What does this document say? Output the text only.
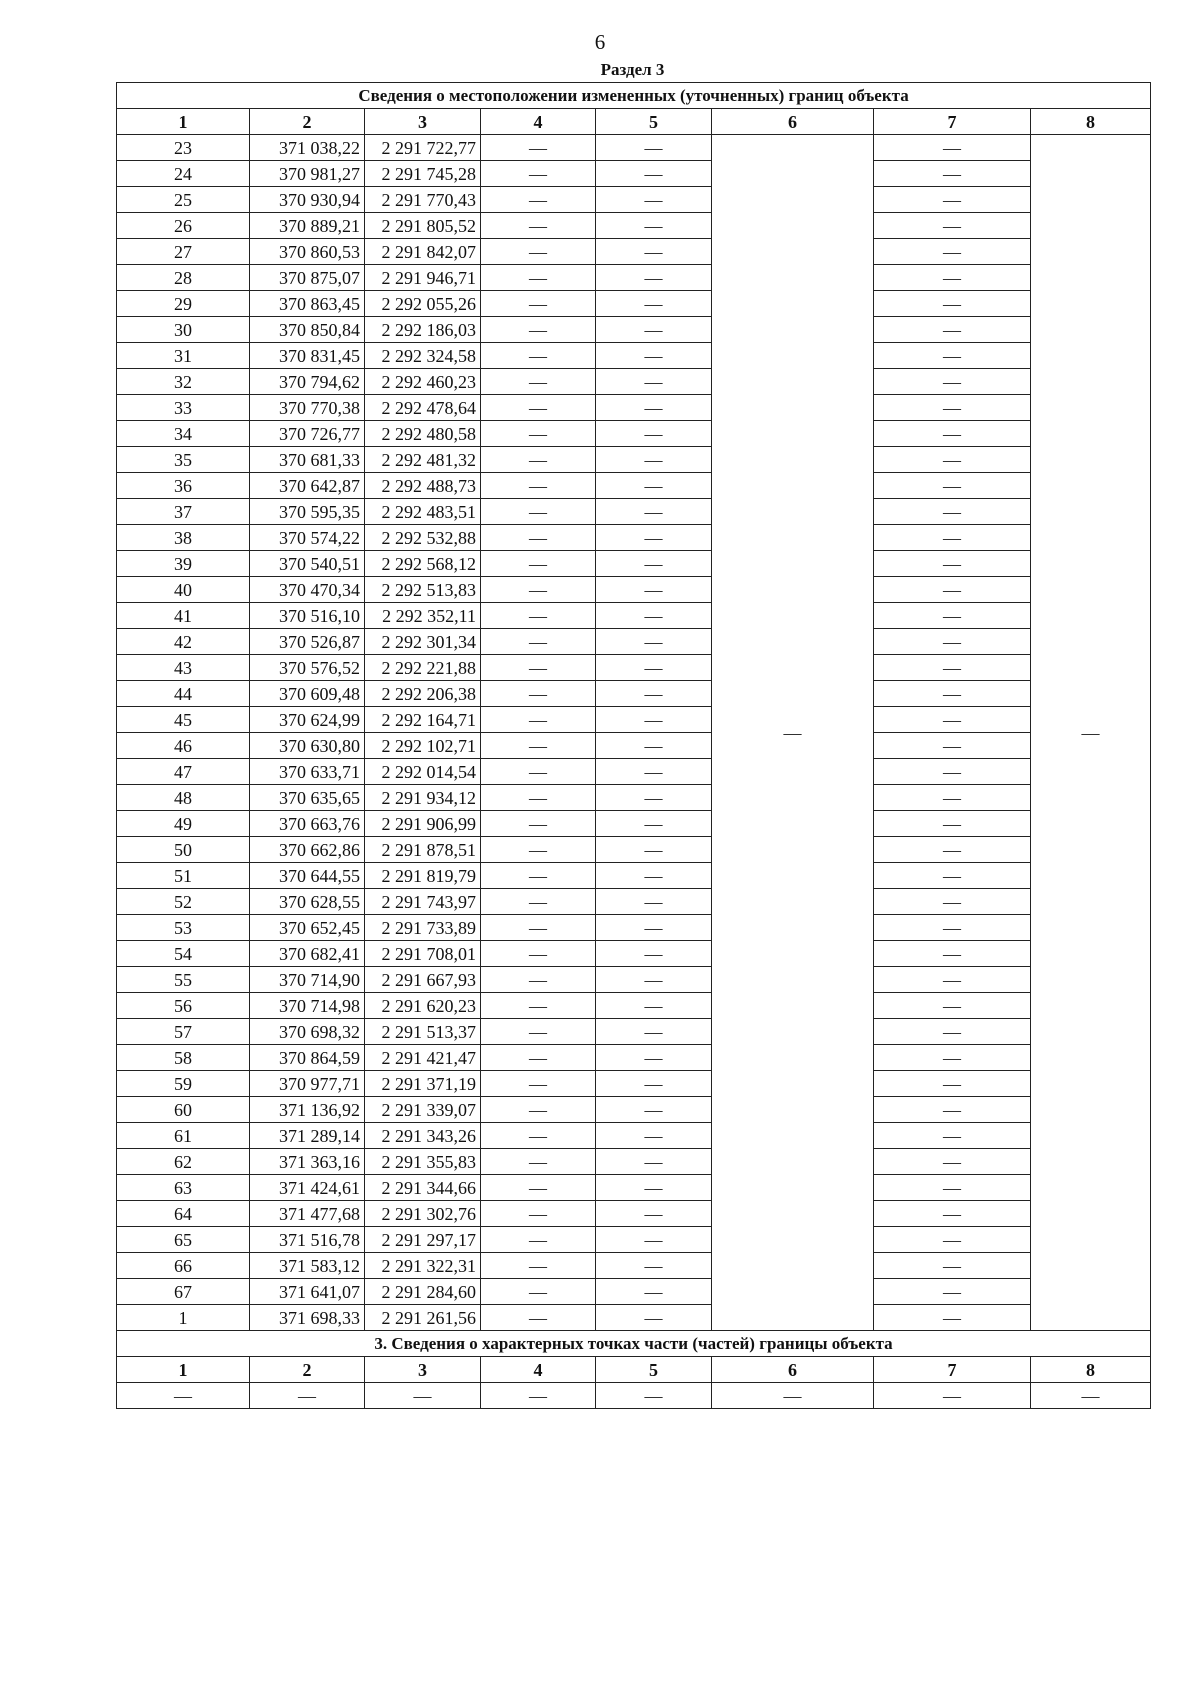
6
Раздел 3
Сведения о местоположении измененных (уточненных) границ объекта							
1	2	3	4	5	6	7	8
23	371 038,22	2 291 722,77	—	—	—	—	—
24	370 981,27	2 291 745,28	—	—		—	
25	370 930,94	2 291 770,43	—	—		—	
26	370 889,21	2 291 805,52	—	—		—	
27	370 860,53	2 291 842,07	—	—		—	
28	370 875,07	2 291 946,71	—	—		—	
29	370 863,45	2 292 055,26	—	—		—	
30	370 850,84	2 292 186,03	—	—		—	
31	370 831,45	2 292 324,58	—	—		—	
32	370 794,62	2 292 460,23	—	—		—	
33	370 770,38	2 292 478,64	—	—		—	
34	370 726,77	2 292 480,58	—	—		—	
35	370 681,33	2 292 481,32	—	—		—	
36	370 642,87	2 292 488,73	—	—		—	
37	370 595,35	2 292 483,51	—	—		—	
38	370 574,22	2 292 532,88	—	—		—	
39	370 540,51	2 292 568,12	—	—		—	
40	370 470,34	2 292 513,83	—	—		—	
41	370 516,10	2 292 352,11	—	—		—	
42	370 526,87	2 292 301,34	—	—		—	
43	370 576,52	2 292 221,88	—	—		—	
44	370 609,48	2 292 206,38	—	—		—	
45	370 624,99	2 292 164,71	—	—		—	
46	370 630,80	2 292 102,71	—	—		—	
47	370 633,71	2 292 014,54	—	—		—	
48	370 635,65	2 291 934,12	—	—		—	
49	370 663,76	2 291 906,99	—	—		—	
50	370 662,86	2 291 878,51	—	—		—	
51	370 644,55	2 291 819,79	—	—		—	
52	370 628,55	2 291 743,97	—	—		—	
53	370 652,45	2 291 733,89	—	—		—	
54	370 682,41	2 291 708,01	—	—		—	
55	370 714,90	2 291 667,93	—	—		—	
56	370 714,98	2 291 620,23	—	—		—	
57	370 698,32	2 291 513,37	—	—		—	
58	370 864,59	2 291 421,47	—	—		—	
59	370 977,71	2 291 371,19	—	—		—	
60	371 136,92	2 291 339,07	—	—		—	
61	371 289,14	2 291 343,26	—	—		—	
62	371 363,16	2 291 355,83	—	—		—	
63	371 424,61	2 291 344,66	—	—		—	
64	371 477,68	2 291 302,76	—	—		—	
65	371 516,78	2 291 297,17	—	—		—	
66	371 583,12	2 291 322,31	—	—		—	
67	371 641,07	2 291 284,60	—	—		—	
1	371 698,33	2 291 261,56	—	—		—	
3. Сведения о характерных точках части (частей) границы объекта							
1	2	3	4	5	6	7	8
—	—	—	—	—	—	—	—
